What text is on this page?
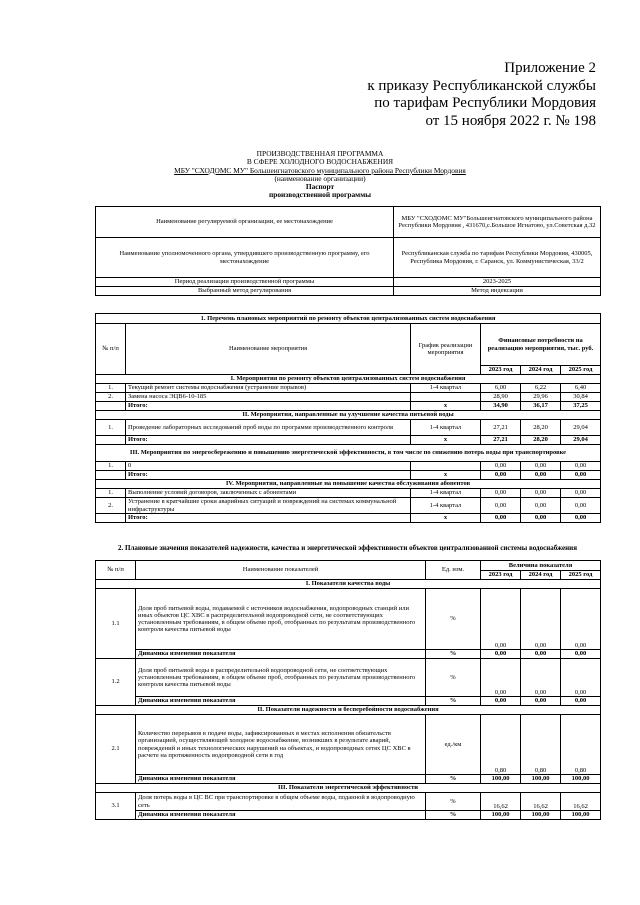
Приложение 2
к приказу Республиканской службы
по тарифам Республики Мордовия
от 15 ноября 2022 г. № 198
ПРОИЗВОДСТВЕННАЯ ПРОГРАММА
В СФЕРЕ ХОЛОДНОГО ВОДОСНАБЖЕНИЯ
МБУ "СХОДОМС МУ" Большеигнатовского муниципального района Республики Мордовия
(наименование организации)
Паспорт
производственной программы
Наименование регулируемой организации, ее местонахождение	МБУ "СХОДОМС МУ"Большеигнатовского муниципального района Республики Мордовия , 431670,с.Большое Игнатово, ул.Советская д.32
Наименование уполномоченного органа, утвердившего производственную программу, его местонахождение	Республиканская служба по тарифам Республики Мордовия, 430005, Республика Мордовия, г. Саранск, ул. Коммунистическая, 33/2
Период реализации производственной программы	2023-2025
Выбранный метод регулирования	Метод индексации
1. Перечень плановых мероприятий по ремонту объектов централизованных систем водоснабжения					
№ п/п	Наименование мероприятия	График реализации мероприятия	Финансовые потребности на реализацию мероприятия, тыс. руб.		
			2023 год	2024 год	2025 год
I. Мероприятия по ремонту объектов централизованных систем водоснабжения					
1.	Текущий ремонт системы водоснабжения (устранение порывов)	1-4 квартал	6,00	6,22	6,40
2.	Замена насоса ЭЦВ6-10-185		28,90	29,96	30,84
	Итого:	х	34,90	36,17	37,25
II. Мероприятия, направленные на улучшение качества питьевой воды					
1.	Проведение лабораторных исследований проб воды по программе производственного контроля	1-4 квартал	27,21	28,20	29,04
	Итого:	х	27,21	28,20	29,04
III. Мероприятия по энергосбережению и повышению энергетической эффективности, в том числе по снижению потерь воды при транспортировке					
1.	0		0,00	0,00	0,00
	Итого:	х	0,00	0,00	0,00
IV. Мероприятия, направленные на повышение качества обслуживания абонентов					
1.	Выполнение условий договоров, заключенных с абонентами	1-4 квартал	0,00	0,00	0,00
2.	Устранение в кратчайшие сроки аварийных ситуаций и повреждений на системах коммунальной инфраструктуры	1-4 квартал	0,00	0,00	0,00
	Итого:	х	0,00	0,00	0,00
2. Плановые значения показателей надежности, качества и энергетической эффективности объектов централизованной системы водоснабжения
№ п/п	Наименование показателей	Ед. изм.	Величина показателя		
			2023 год	2024 год	2025 год
I. Показатели качества воды					
1.1	Доля проб питьевой воды, подаваемой с источников водоснабжения, водопроводных станций или иных объектов ЦС ХВС в распределительной водопроводной сети, не соответствующих установленным требованиям, в общем объеме проб, отобранных по результатам производственного контроля качества питьевой воды	%	0,00	0,00	0,00
	Динамика изменения показателя	%	0,00	0,00	0,00
1.2	Доля проб питьевой воды в распределительной водопроводной сети, не соответствующих установленным требованиям, в общем объеме проб, отобранных по результатам производственного контроля качества питьевой воды	%	0,00	0,00	0,00
	Динамика изменения показателя	%	0,00	0,00	0,00
II. Показатели надежности и бесперебойности водоснабжения					
2.1	Количество перерывов в подаче воды, зафиксированных в местах исполнения обязательств организацией, осуществляющей холодное водоснабжение, возникших в результате аварий, повреждений и иных технологических нарушений на объектах, и водопроводных сетях ЦС ХВС в расчете на протяженность водопроводной сети в год	ед./км	0,80	0,80	0,80
	Динамика изменения показателя	%	100,00	100,00	100,00
III. Показатели энергетической эффективности					
3.1	Доля потерь воды в ЦС ВС при транспортировке в общем объеме воды, поданной в водопроводную сеть	%	16,62	16,62	16,62
	Динамика изменения показателя	%	100,00	100,00	100,00
